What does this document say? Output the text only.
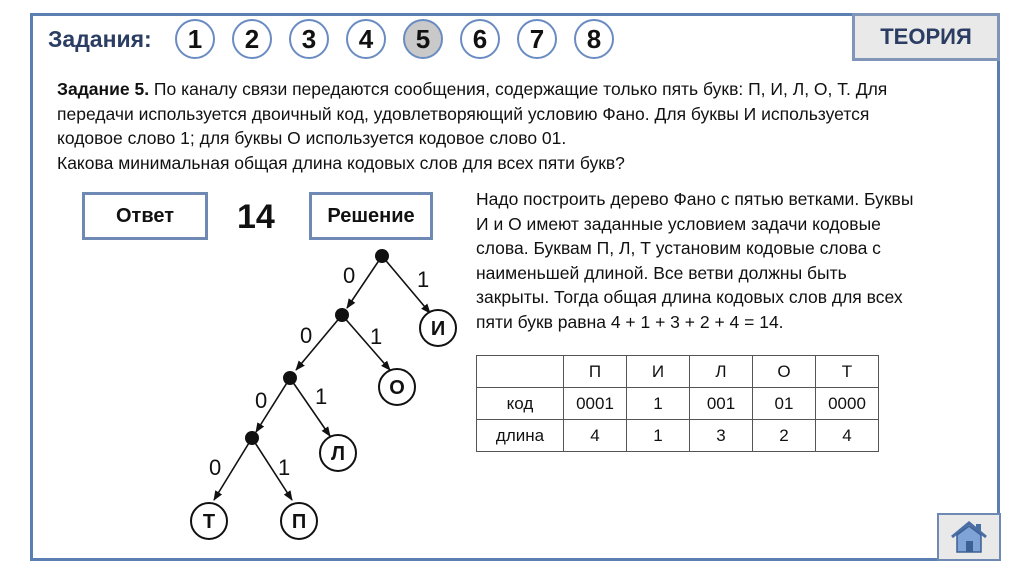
Задания:	1	2	3	4	5	6	7	8	ТЕОРИЯ
Задание 5. По каналу связи передаются сообщения, содержащие только пять букв: П, И, Л, О, Т. Для
передачи используется двоичный код, удовлетворяющий условию Фано. Для буквы И используется
кодовое слово 1; для буквы О используется кодовое слово 01.
Какова минимальная общая длина кодовых слов для всех пяти букв?
Ответ	14	Решение
Надо построить дерево Фано с пятью ветками. Буквы
И и О имеют заданные условием задачи кодовые
слова. Буквам П, Л, Т установим кодовые слова с
наименьшей длиной. Все ветви должны быть
закрыты. Тогда общая длина кодовых слов для всех
пяти букв равна 4 + 1 + 3 + 2 + 4 = 14.
	П	И	Л	О	Т
код	0001	1	001	01	0000
длина	4	1	3	2	4
0	1
0	1
0 1
0	1
И
О
Л
Т	П
